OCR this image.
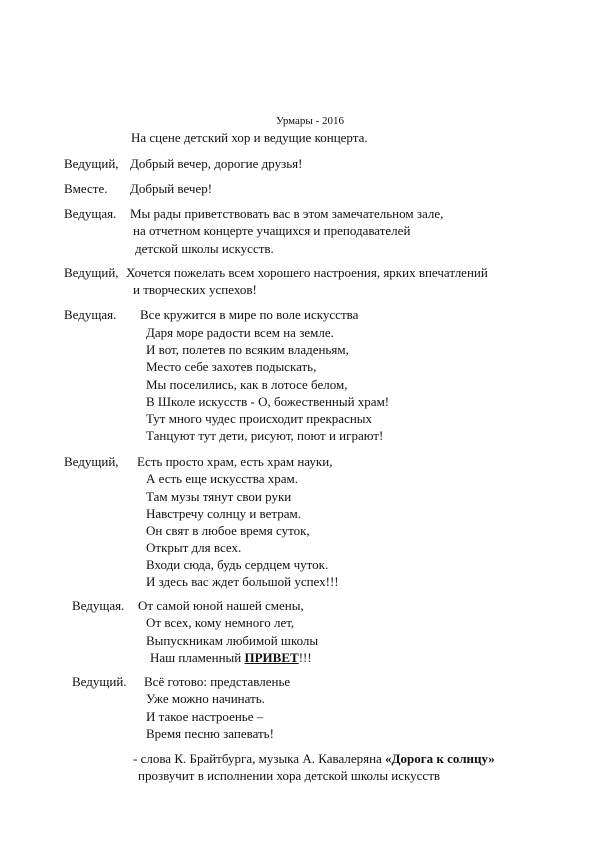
Урмары - 2016
На сцене детский хор и ведущие концерта.
Ведущий, Добрый вечер, дорогие друзья!
Вместе. Добрый вечер!
Ведущая. Мы рады приветствовать вас в этом замечательном зале,
на отчетном концерте учащихся и преподавателей
детской школы искусств.
Ведущий, Хочется пожелать всем хорошего настроения, ярких впечатлений
и творческих успехов!
Ведущая. Все кружится в мире по воле искусства
Даря море радости всем на земле.
И вот, полетев по всяким владеньям,
Место себе захотев подыскать,
Мы поселились, как в лотосе белом,
В Школе искусств - О, божественный храм!
Тут много чудес происходит прекрасных
Танцуют тут дети, рисуют, поют и играют!
Ведущий, Есть просто храм, есть храм науки,
А есть еще искусства храм.
Там музы тянут свои руки
Навстречу солнцу и ветрам.
Он свят в любое время суток,
Открыт для всех.
Входи сюда, будь сердцем чуток.
И здесь вас ждет большой успех!!!
Ведущая. От самой юной нашей смены,
От всех, кому немного лет,
Выпускникам любимой школы
Наш пламенный ПРИВЕТ!!!
Ведущий. Всё готово: представленье
Уже можно начинать.
И такое настроенье –
Время песню запевать!
- слова К. Брайтбурга, музыка А. Кавалеряна «Дорога к солнцу»
прозвучит в исполнении хора детской школы искусств
